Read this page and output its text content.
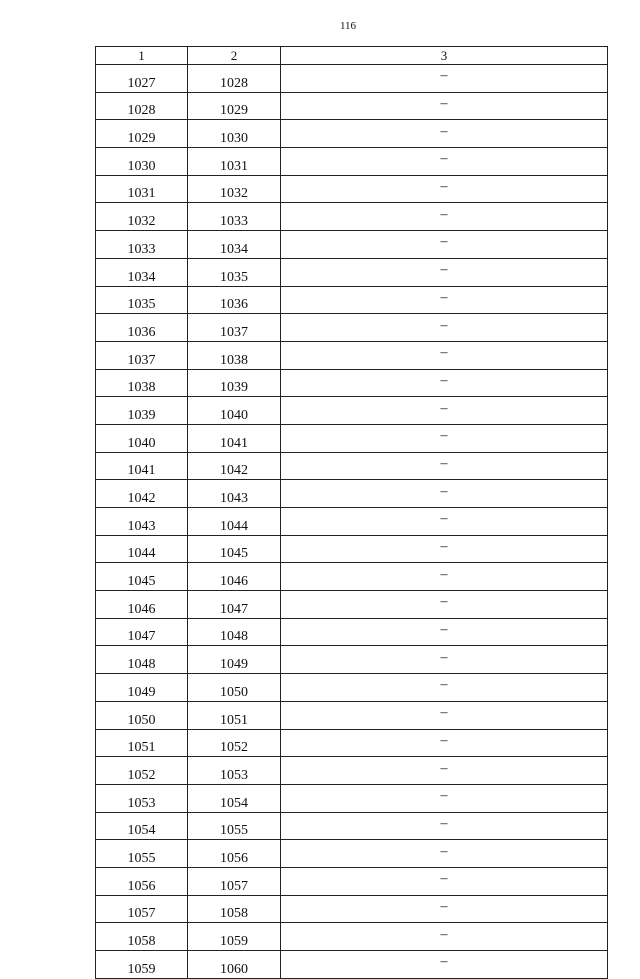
116
1	2	3
1027	1028	–
1028	1029	–
1029	1030	–
1030	1031	–
1031	1032	–
1032	1033	–
1033	1034	–
1034	1035	–
1035	1036	–
1036	1037	–
1037	1038	–
1038	1039	–
1039	1040	–
1040	1041	–
1041	1042	–
1042	1043	–
1043	1044	–
1044	1045	–
1045	1046	–
1046	1047	–
1047	1048	–
1048	1049	–
1049	1050	–
1050	1051	–
1051	1052	–
1052	1053	–
1053	1054	–
1054	1055	–
1055	1056	–
1056	1057	–
1057	1058	–
1058	1059	–
1059	1060	–
